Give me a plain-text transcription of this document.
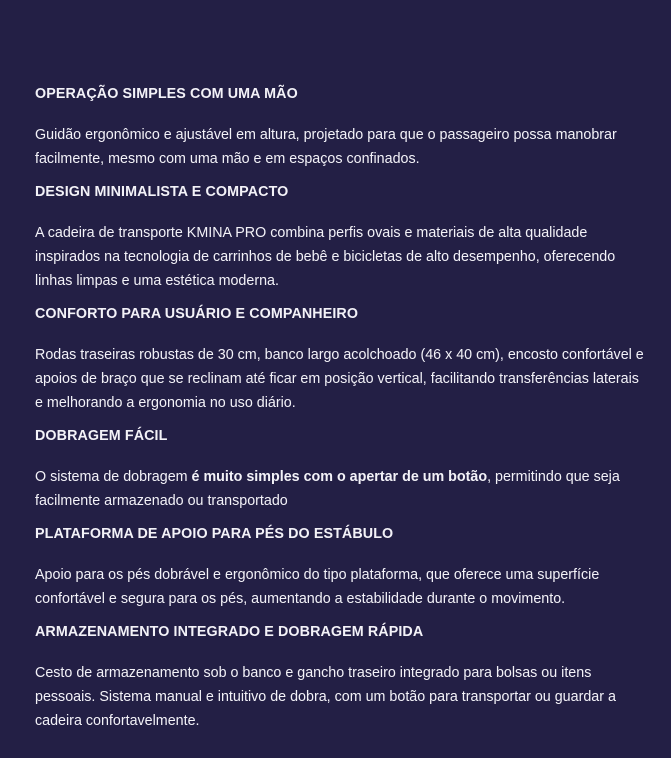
OPERAÇÃO SIMPLES COM UMA MÃO

Guidão ergonômico e ajustável em altura, projetado para que o passageiro possa manobrar facilmente, mesmo com uma mão e em espaços confinados.

DESIGN MINIMALISTA E COMPACTO

A cadeira de transporte KMINA PRO combina perfis ovais e materiais de alta qualidade inspirados na tecnologia de carrinhos de bebê e bicicletas de alto desempenho, oferecendo linhas limpas e uma estética moderna.

CONFORTO PARA USUÁRIO E COMPANHEIRO

Rodas traseiras robustas de 30 cm, banco largo acolchoado (46 x 40 cm), encosto confortável e apoios de braço que se reclinam até ficar em posição vertical, facilitando transferências laterais e melhorando a ergonomia no uso diário.

DOBRAGEM FÁCIL

O sistema de dobragem é muito simples com o apertar de um botão, permitindo que seja facilmente armazenado ou transportado

PLATAFORMA DE APOIO PARA PÉS DO ESTÁBULO

Apoio para os pés dobrável e ergonômico do tipo plataforma, que oferece uma superfície confortável e segura para os pés, aumentando a estabilidade durante o movimento.

ARMAZENAMENTO INTEGRADO E DOBRAGEM RÁPIDA

Cesto de armazenamento sob o banco e gancho traseiro integrado para bolsas ou itens pessoais. Sistema manual e intuitivo de dobra, com um botão para transportar ou guardar a cadeira confortavelmente.
